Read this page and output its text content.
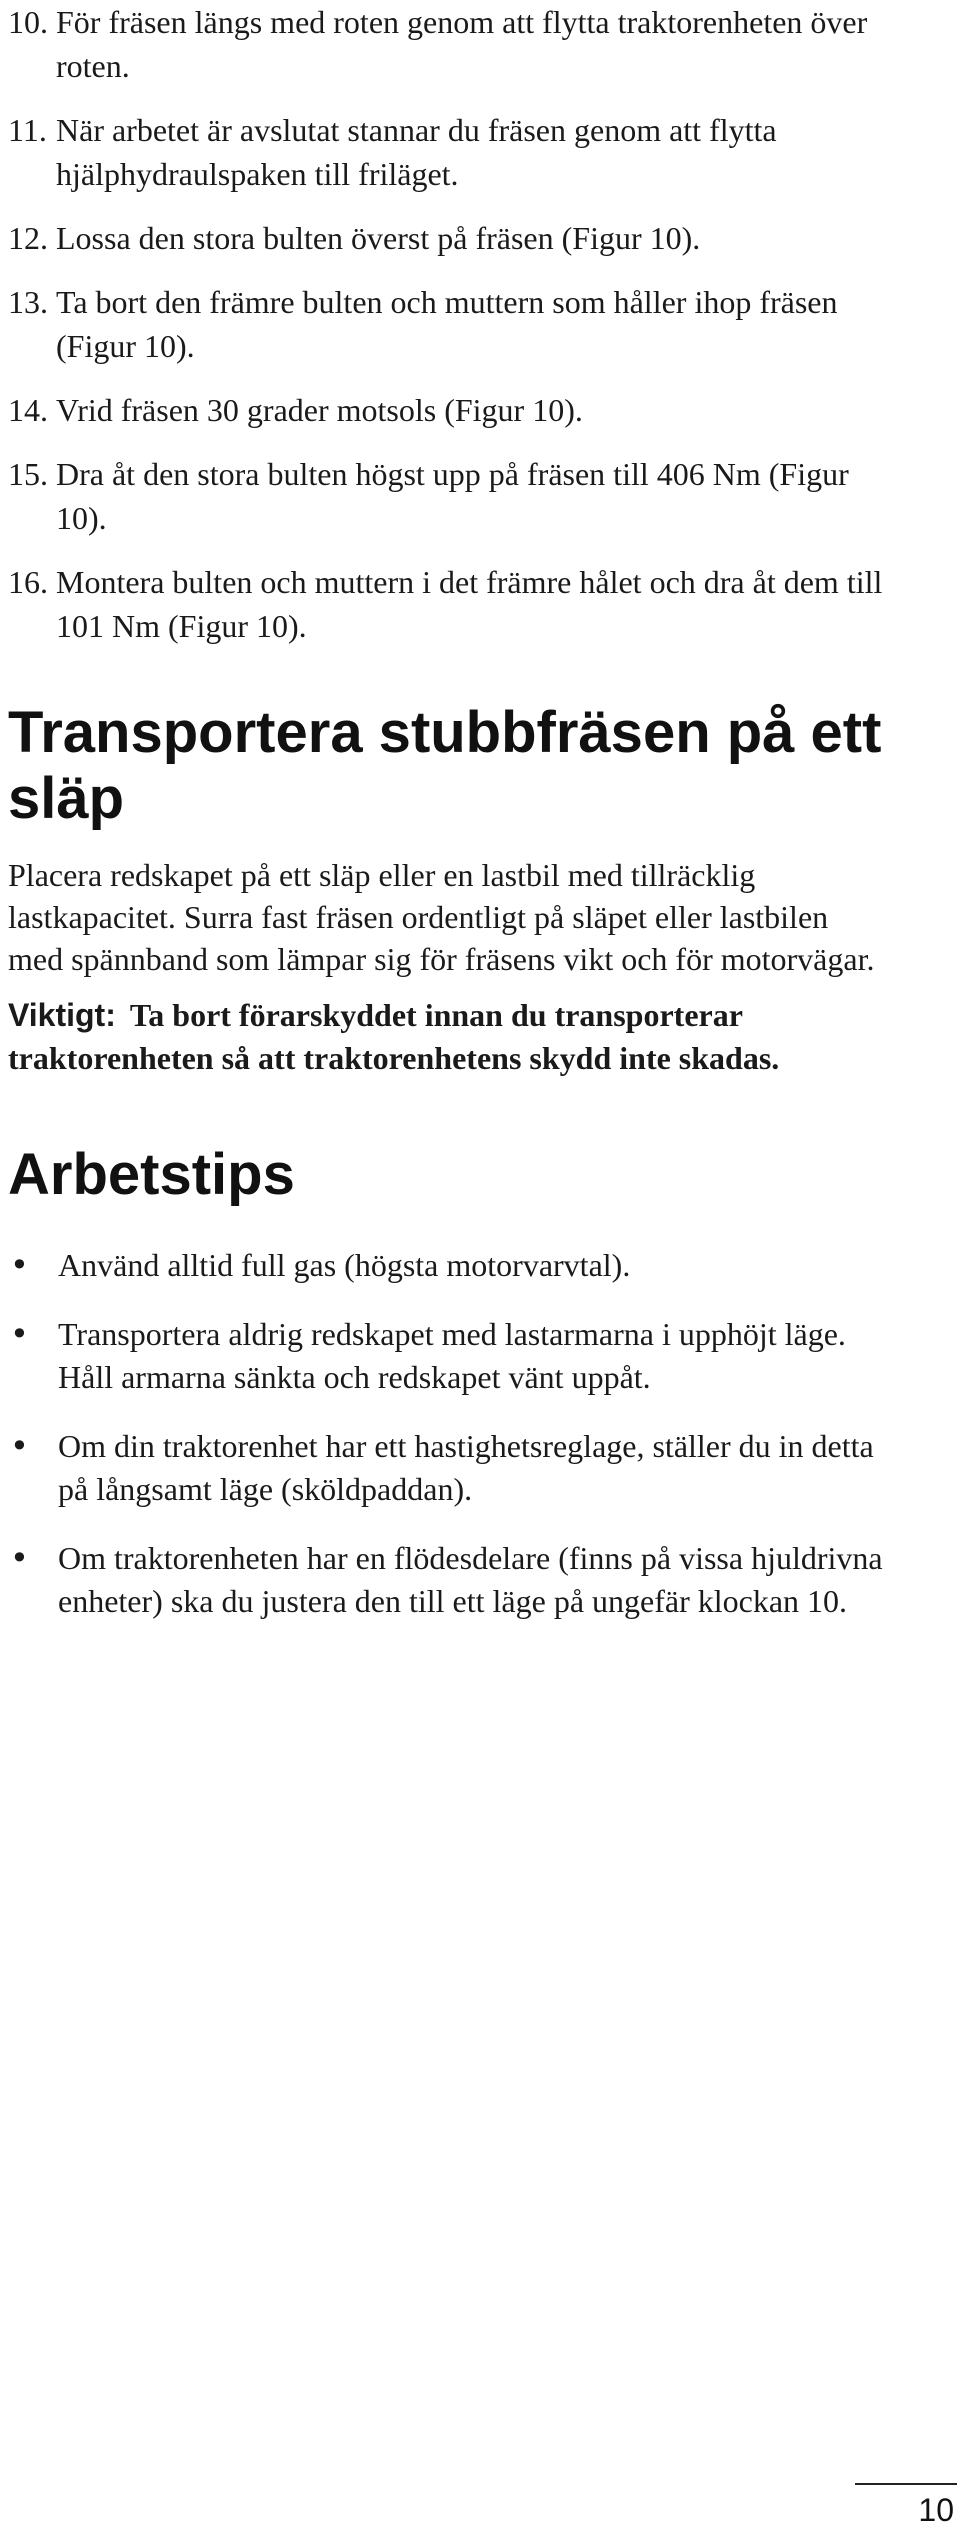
10. För fräsen längs med roten genom att flytta traktorenheten över roten.
11. När arbetet är avslutat stannar du fräsen genom att flytta hjälphydraulspaken till friläget.
12. Lossa den stora bulten överst på fräsen (Figur 10).
13. Ta bort den främre bulten och muttern som håller ihop fräsen (Figur 10).
14. Vrid fräsen 30 grader motsols (Figur 10).
15. Dra åt den stora bulten högst upp på fräsen till 406 Nm (Figur 10).
16. Montera bulten och muttern i det främre hålet och dra åt dem till 101 Nm (Figur 10).
Transportera stubbfräsen på ett släp

Placera redskapet på ett släp eller en lastbil med tillräcklig lastkapacitet. Surra fast fräsen ordentligt på släpet eller lastbilen med spännband som lämpar sig för fräsens vikt och för motorvägar.

Viktigt: Ta bort förarskyddet innan du transporterar traktorenheten så att traktorenhetens skydd inte skadas.

Arbetstips
• Använd alltid full gas (högsta motorvarvtal).
• Transportera aldrig redskapet med lastarmarna i upphöjt läge. Håll armarna sänkta och redskapet vänt uppåt.
• Om din traktorenhet har ett hastighetsreglage, ställer du in detta på långsamt läge (sköldpaddan).
• Om traktorenheten har en flödesdelare (finns på vissa hjuldrivna enheter) ska du justera den till ett läge på ungefär klockan 10.
10
